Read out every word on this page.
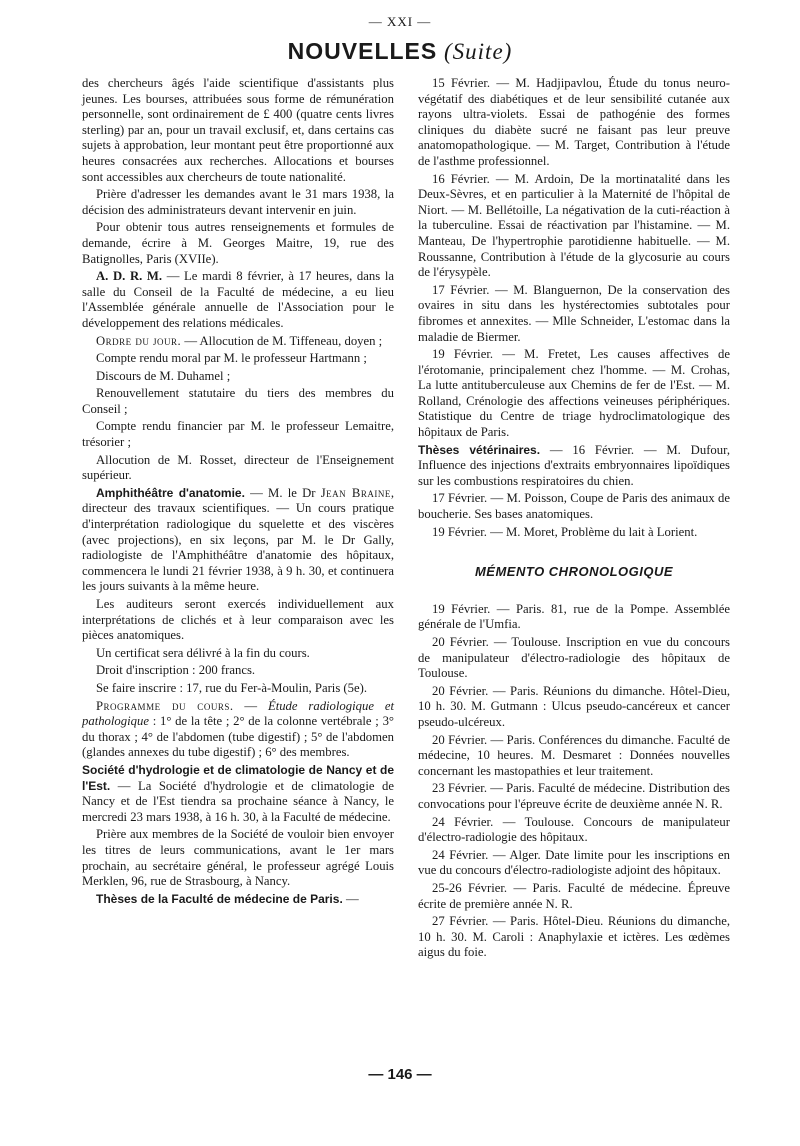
— XXI —
NOUVELLES (Suite)

des chercheurs âgés l'aide scientifique d'assistants plus jeunes. Les bourses, attribuées sous forme de rémunération personnelle, sont ordinairement de £ 400 (quatre cents livres sterling) par an, pour un travail exclusif, et, dans certains cas sujets à approbation, leur montant peut être proportionné aux heures consacrées aux recherches. Allocations et bourses sont accessibles aux chercheurs de toute nationalité.

Prière d'adresser les demandes avant le 31 mars 1938, la décision des administrateurs devant intervenir en juin.

Pour obtenir tous autres renseignements et formules de demande, écrire à M. Georges Maitre, 19, rue des Batignolles, Paris (XVIIe).

A. D. R. M. — Le mardi 8 février, à 17 heures, dans la salle du Conseil de la Faculté de médecine, a eu lieu l'Assemblée générale annuelle de l'Association pour le développement des relations médicales.

Ordre du jour. — Allocution de M. Tiffeneau, doyen ;

Compte rendu moral par M. le professeur Hartmann ;

Discours de M. Duhamel ;

Renouvellement statutaire du tiers des membres du Conseil ;

Compte rendu financier par M. le professeur Lemaitre, trésorier ;

Allocution de M. Rosset, directeur de l'Enseignement supérieur.

Amphithéâtre d'anatomie. — M. le Dr Jean Braine, directeur des travaux scientifiques. — Un cours pratique d'interprétation radiologique du squelette et des viscères (avec projections), en six leçons, par M. le Dr Gally, radiologiste de l'Amphithéâtre d'anatomie des hôpitaux, commencera le lundi 21 février 1938, à 9 h. 30, et continuera les jours suivants à la même heure.

Les auditeurs seront exercés individuellement aux interprétations de clichés et à leur comparaison avec les pièces anatomiques.

Un certificat sera délivré à la fin du cours.

Droit d'inscription : 200 francs.

Se faire inscrire : 17, rue du Fer-à-Moulin, Paris (5e).

Programme du cours. — Étude radiologique et pathologique : 1° de la tête ; 2° de la colonne vertébrale ; 3° du thorax ; 4° de l'abdomen (tube digestif) ; 5° de l'abdomen (glandes annexes du tube digestif) ; 6° des membres.

Société d'hydrologie et de climatologie de Nancy et de l'Est. — La Société d'hydrologie et de climatologie de Nancy et de l'Est tiendra sa prochaine séance à Nancy, le mercredi 23 mars 1938, à 16 h. 30, à la Faculté de médecine.

Prière aux membres de la Société de vouloir bien envoyer les titres de leurs communications, avant le 1er mars prochain, au secrétaire général, le professeur agrégé Louis Merklen, 96, rue de Strasbourg, à Nancy.

Thèses de la Faculté de médecine de Paris. —

15 Février. — M. Hadjipavlou, Étude du tonus neuro-végétatif des diabétiques et de leur sensibilité cutanée aux rayons ultra-violets. Essai de pathogénie des formes cliniques du diabète sucré ne faisant pas leur preuve anatomopathologique. — M. Target, Contribution à l'étude de l'asthme professionnel.

16 Février. — M. Ardoin, De la mortinatalité dans les Deux-Sèvres, et en particulier à la Maternité de l'hôpital de Niort. — M. Bellétoille, La négativation de la cuti-réaction à la tuberculine. Essai de réactivation par l'histamine. — M. Manteau, De l'hypertrophie parotidienne habituelle. — M. Roussanne, Contribution à l'étude de la glycosurie au cours de l'érysypèle.

17 Février. — M. Blanguernon, De la conservation des ovaires in situ dans les hystérectomies subtotales pour fibromes et annexites. — Mlle Schneider, L'estomac dans la maladie de Biermer.

19 Février. — M. Fretet, Les causes affectives de l'érotomanie, principalement chez l'homme. — M. Crohas, La lutte antituberculeuse aux Chemins de fer de l'Est. — M. Rolland, Crénologie des affections veineuses périphériques. Statistique du Centre de triage hydroclimatologique des hôpitaux de Paris.

Thèses vétérinaires. — 16 Février. — M. Dufour, Influence des injections d'extraits embryonnaires lipoïdiques sur les combustions respiratoires du chien.

17 Février. — M. Poisson, Coupe de Paris des animaux de boucherie. Ses bases anatomiques.

19 Février. — M. Moret, Problème du lait à Lorient.

MÉMENTO CHRONOLOGIQUE

19 Février. — Paris. 81, rue de la Pompe. Assemblée générale de l'Umfia.

20 Février. — Toulouse. Inscription en vue du concours de manipulateur d'électro-radiologie des hôpitaux de Toulouse.

20 Février. — Paris. Réunions du dimanche. Hôtel-Dieu, 10 h. 30. M. Gutmann : Ulcus pseudo-cancéreux et cancer pseudo-ulcéreux.

20 Février. — Paris. Conférences du dimanche. Faculté de médecine, 10 heures. M. Desmaret : Données nouvelles concernant les mastopathies et leur traitement.

23 Février. — Paris. Faculté de médecine. Distribution des convocations pour l'épreuve écrite de deuxième année N. R.

24 Février. — Toulouse. Concours de manipulateur d'électro-radiologie des hôpitaux.

24 Février. — Alger. Date limite pour les inscriptions en vue du concours d'électro-radiologiste adjoint des hôpitaux.

25-26 Février. — Paris. Faculté de médecine. Épreuve écrite de première année N. R.

27 Février. — Paris. Hôtel-Dieu. Réunions du dimanche, 10 h. 30. M. Caroli : Anaphylaxie et ictères. Les œdèmes aigus du foie.

— 146 —
